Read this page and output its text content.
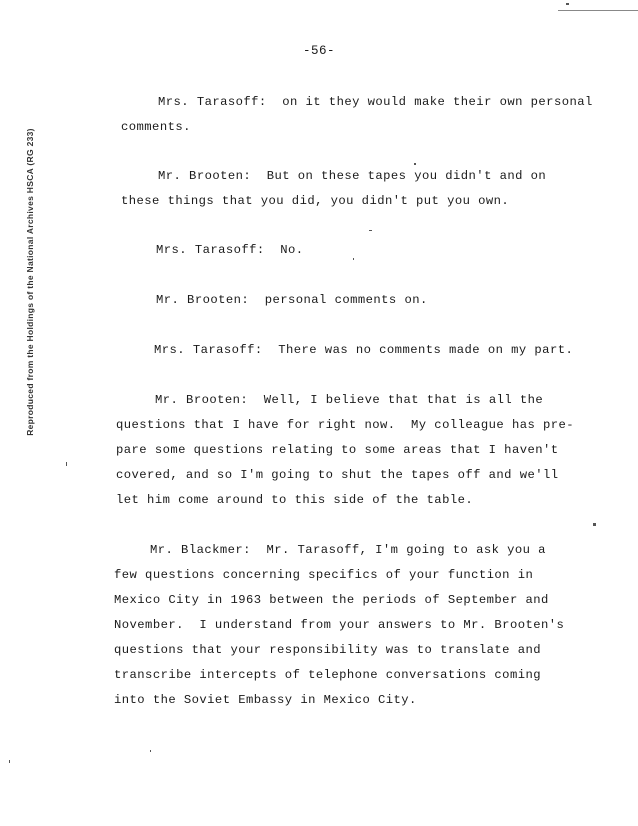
-56-
Reproduced from the Holdings of the National Archives HSCA (RG 233)
Mrs. Tarasoff:  on it they would make their own personal
comments.
Mr. Brooten:  But on these tapes you didn't and on
these things that you did, you didn't put you own.
Mrs. Tarasoff:  No.
Mr. Brooten:  personal comments on.
Mrs. Tarasoff:  There was no comments made on my part.
Mr. Brooten:  Well, I believe that that is all the
questions that I have for right now.  My colleague has pre-
pare some questions relating to some areas that I haven't
covered, and so I'm going to shut the tapes off and we'll
let him come around to this side of the table.
Mr. Blackmer:  Mr. Tarasoff, I'm going to ask you a
few questions concerning specifics of your function in
Mexico City in 1963 between the periods of September and
November.  I understand from your answers to Mr. Brooten's
questions that your responsibility was to translate and
transcribe intercepts of telephone conversations coming
into the Soviet Embassy in Mexico City.
